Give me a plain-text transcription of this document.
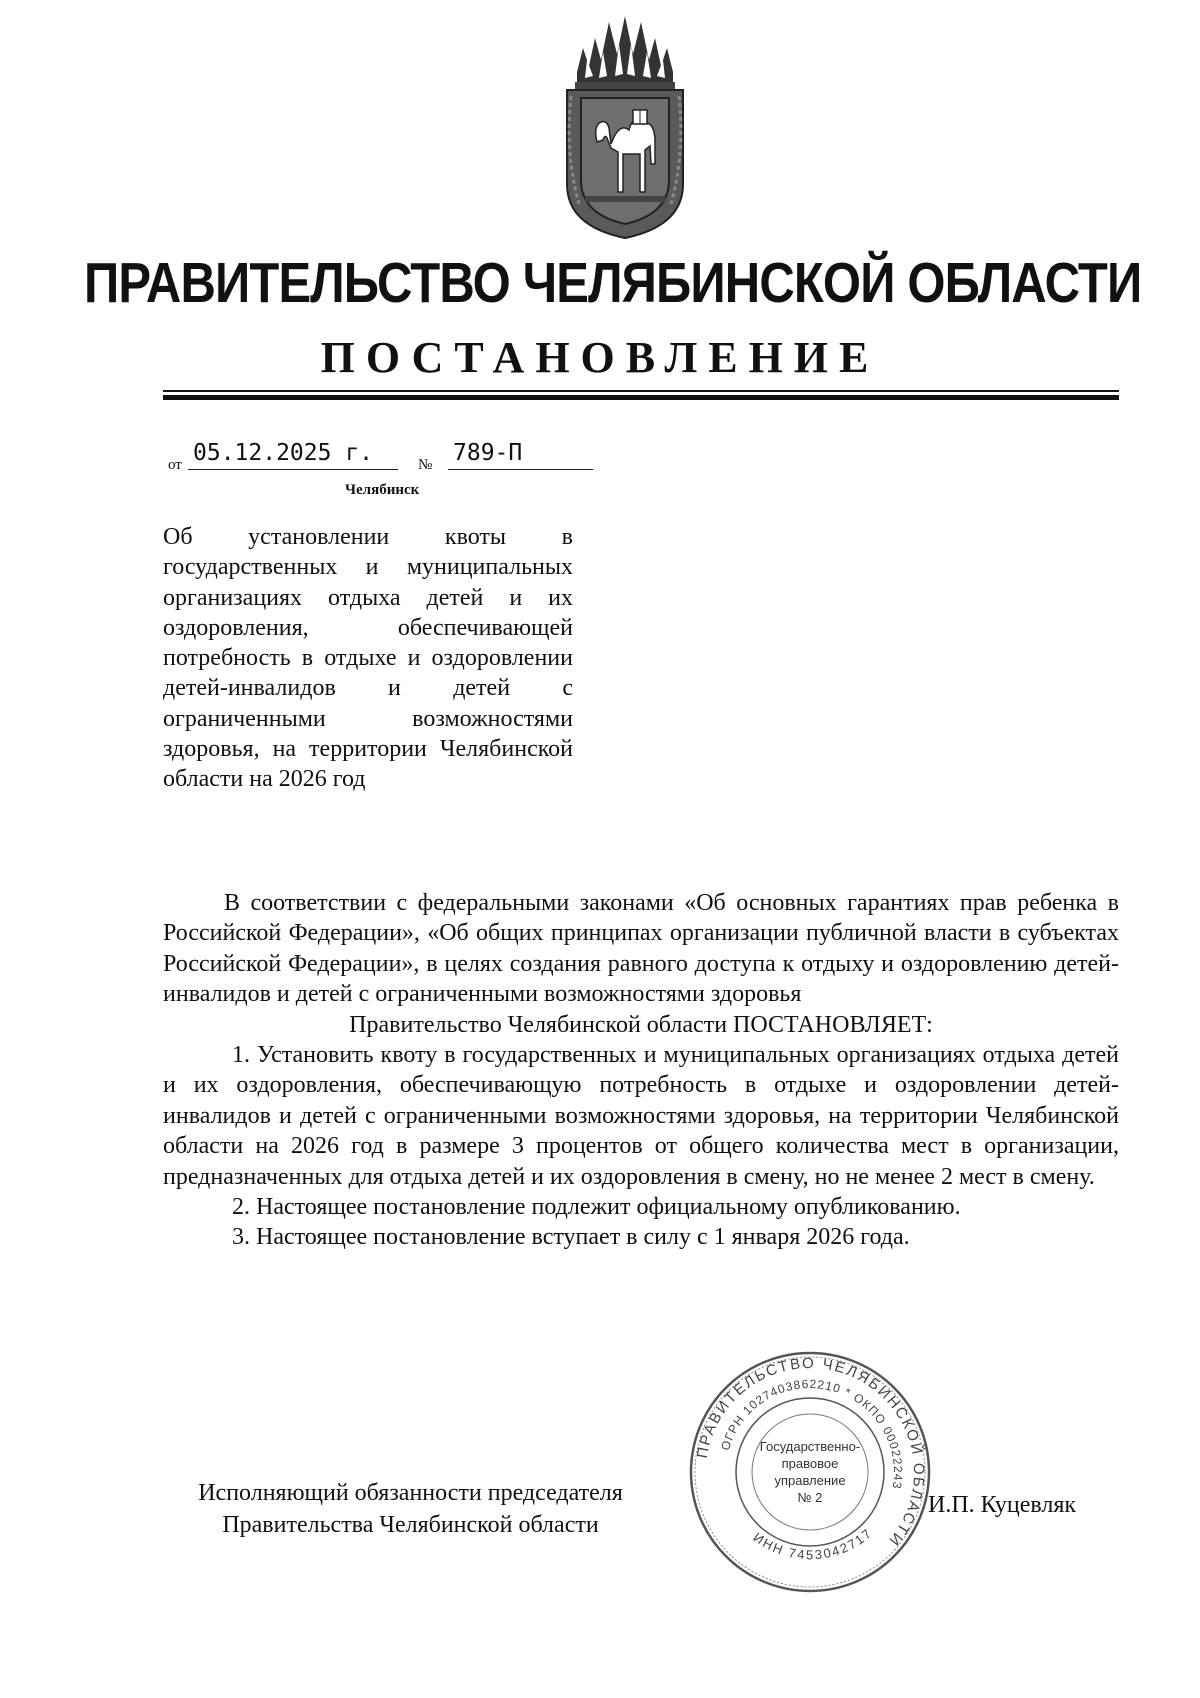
ПРАВИТЕЛЬСТВО ЧЕЛЯБИНСКОЙ ОБЛАСТИ
ПОСТАНОВЛЕНИЕ
от 05.12.2025 г.	№ 789-П
Челябинск
Об установлении квоты в государственных и муниципальных организациях отдыха детей и их оздоровления, обеспечивающей потребность в отдыхе и оздоровлении детей-инвалидов и детей с ограниченными возможностями здоровья, на территории Челябинской области на 2026 год

В соответствии с федеральными законами «Об основных гарантиях прав ребенка в Российской Федерации», «Об общих принципах организации публичной власти в субъектах Российской Федерации», в целях создания равного доступа к отдыху и оздоровлению детей-инвалидов и детей с ограниченными возможностями здоровья

Правительство Челябинской области ПОСТАНОВЛЯЕТ:

1. Установить квоту в государственных и муниципальных организациях отдыха детей и их оздоровления, обеспечивающую потребность в отдыхе и оздоровлении детей-инвалидов и детей с ограниченными возможностями здоровья, на территории Челябинской области на 2026 год в размере 3 процентов от общего количества мест в организации, предназначенных для отдыха детей и их оздоровления в смену, но не менее 2 мест в смену.

2. Настоящее постановление подлежит официальному опубликованию.

3. Настоящее постановление вступает в силу с 1 января 2026 года.

Исполняющий обязанности председателя
Правительства Челябинской области
ПРАВИТЕЛЬСТВО ЧЕЛЯБИНСКОЙ ОБЛАСТИ
ОГРН 1027403862210 * ОКПО 00022243
ИНН 7453042717
Государственно-
правовое
управление
№ 2	И.П. Куцевляк
